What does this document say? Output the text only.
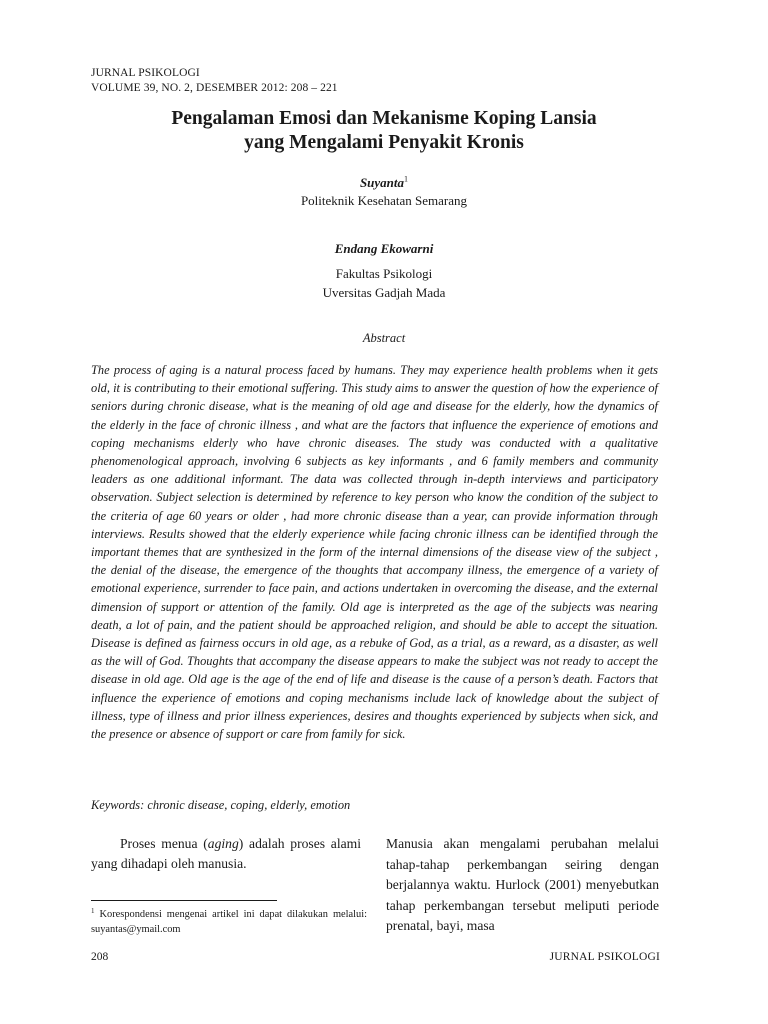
JURNAL PSIKOLOGI
VOLUME 39, NO. 2, DESEMBER 2012: 208 – 221
Pengalaman Emosi dan Mekanisme Koping Lansia
yang Mengalami Penyakit Kronis
Suyanta$^1$
Politeknik Kesehatan Semarang
Endang Ekowarni
Fakultas Psikologi
Uversitas Gadjah Mada
Abstract
The process of aging is a natural process faced by humans. They may experience health problems when it gets old, it is contributing to their emotional suffering. This study aims to answer the question of how the experience of seniors during chronic disease, what is the meaning of old age and disease for the elderly, how the dynamics of the elderly in the face of chronic illness , and what are the factors that influence the experience of emotions and coping mechanisms elderly who have chronic diseases. The study was conducted with a qualitative phenomenological approach, involving 6 subjects as key informants , and 6 family members and community leaders as one additional informant. The data was collected through in-depth interviews and participatory observation. Subject selection is determined by reference to key person who know the condition of the subject to the criteria of age 60 years or older , had more chronic disease than a year, can provide information through interviews. Results showed that the elderly experience while facing chronic illness can be identified through the important themes that are synthesized in the form of the internal dimensions of the disease view of the subject , the denial of the disease, the emergence of the thoughts that accompany illness, the emergence of a variety of emotional experience, surrender to face pain, and actions undertaken in overcoming the disease, and the external dimension of support or attention of the family. Old age is interpreted as the age of the subjects was nearing death, a lot of pain, and the patient should be approached religion, and should be able to accept the situation. Disease is defined as fairness occurs in old age, as a rebuke of God, as a trial, as a reward, as a disaster, as well as the will of God. Thoughts that accompany the disease appears to make the subject was not ready to accept the disease in old age. Old age is the age of the end of life and disease is the cause of a person’s death. Factors that influence the experience of emotions and coping mechanisms include lack of knowledge about the subject of illness, type of illness and prior illness experiences, desires and thoughts experienced by subjects when sick, and the presence or absence of support or care from family for sick.
Keywords: chronic disease, coping, elderly, emotion
Proses menua (aging) adalah proses alami yang dihadapi oleh manusia.
Manusia akan mengalami perubahan melalui tahap-tahap perkembangan seiring dengan berjalannya waktu. Hurlock (2001) menyebutkan tahap perkembangan tersebut meliputi periode prenatal, bayi, masa
$^1$ Korespondensi mengenai artikel ini dapat dilakukan melalui: suyantas@ymail.com
208	JURNAL PSIKOLOGI
